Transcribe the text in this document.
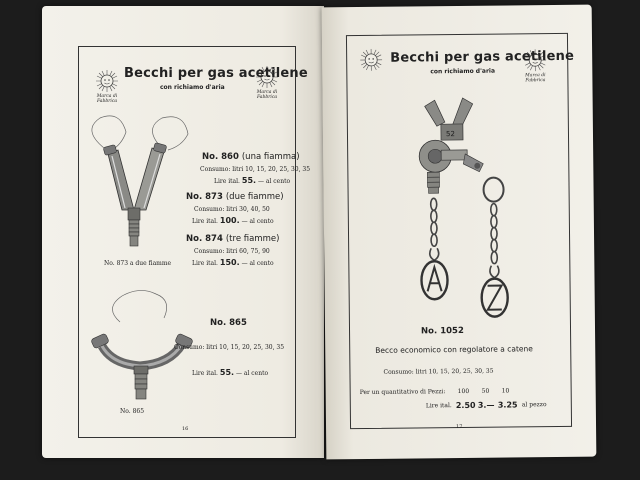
Marca di Fabbrica
Marca di Fabbrica
Becchi per gas acetilene
con richiamo d'aria
No. 873 a due fiamme
No. 860 (una fiamma)
Consumo: litri 10, 15, 20, 25, 30, 35
Lire ital. 55. — al cento
No. 873 (due fiamme)
Consumo: litri 30, 40, 50
Lire ital. 100. — al cento
No. 874 (tre fiamme)
Consumo: litri 60, 75, 90
Lire ital. 150. — al cento
No. 865
No. 865
Consumo: litri 10, 15, 20, 25, 30, 35
Lire ital. 55. — al cento
16
Marca di Fabbrica
Becchi per gas acetilene
con richiamo d'aria
52
No. 1052
Becco economico con regolatore a catene
Consumo: litri 10, 15, 20, 25, 30, 35
Per un quantitativo di Pezzi: 100 50 10
Lire ital. 2.50 3.— 3.25 al pezzo
17
